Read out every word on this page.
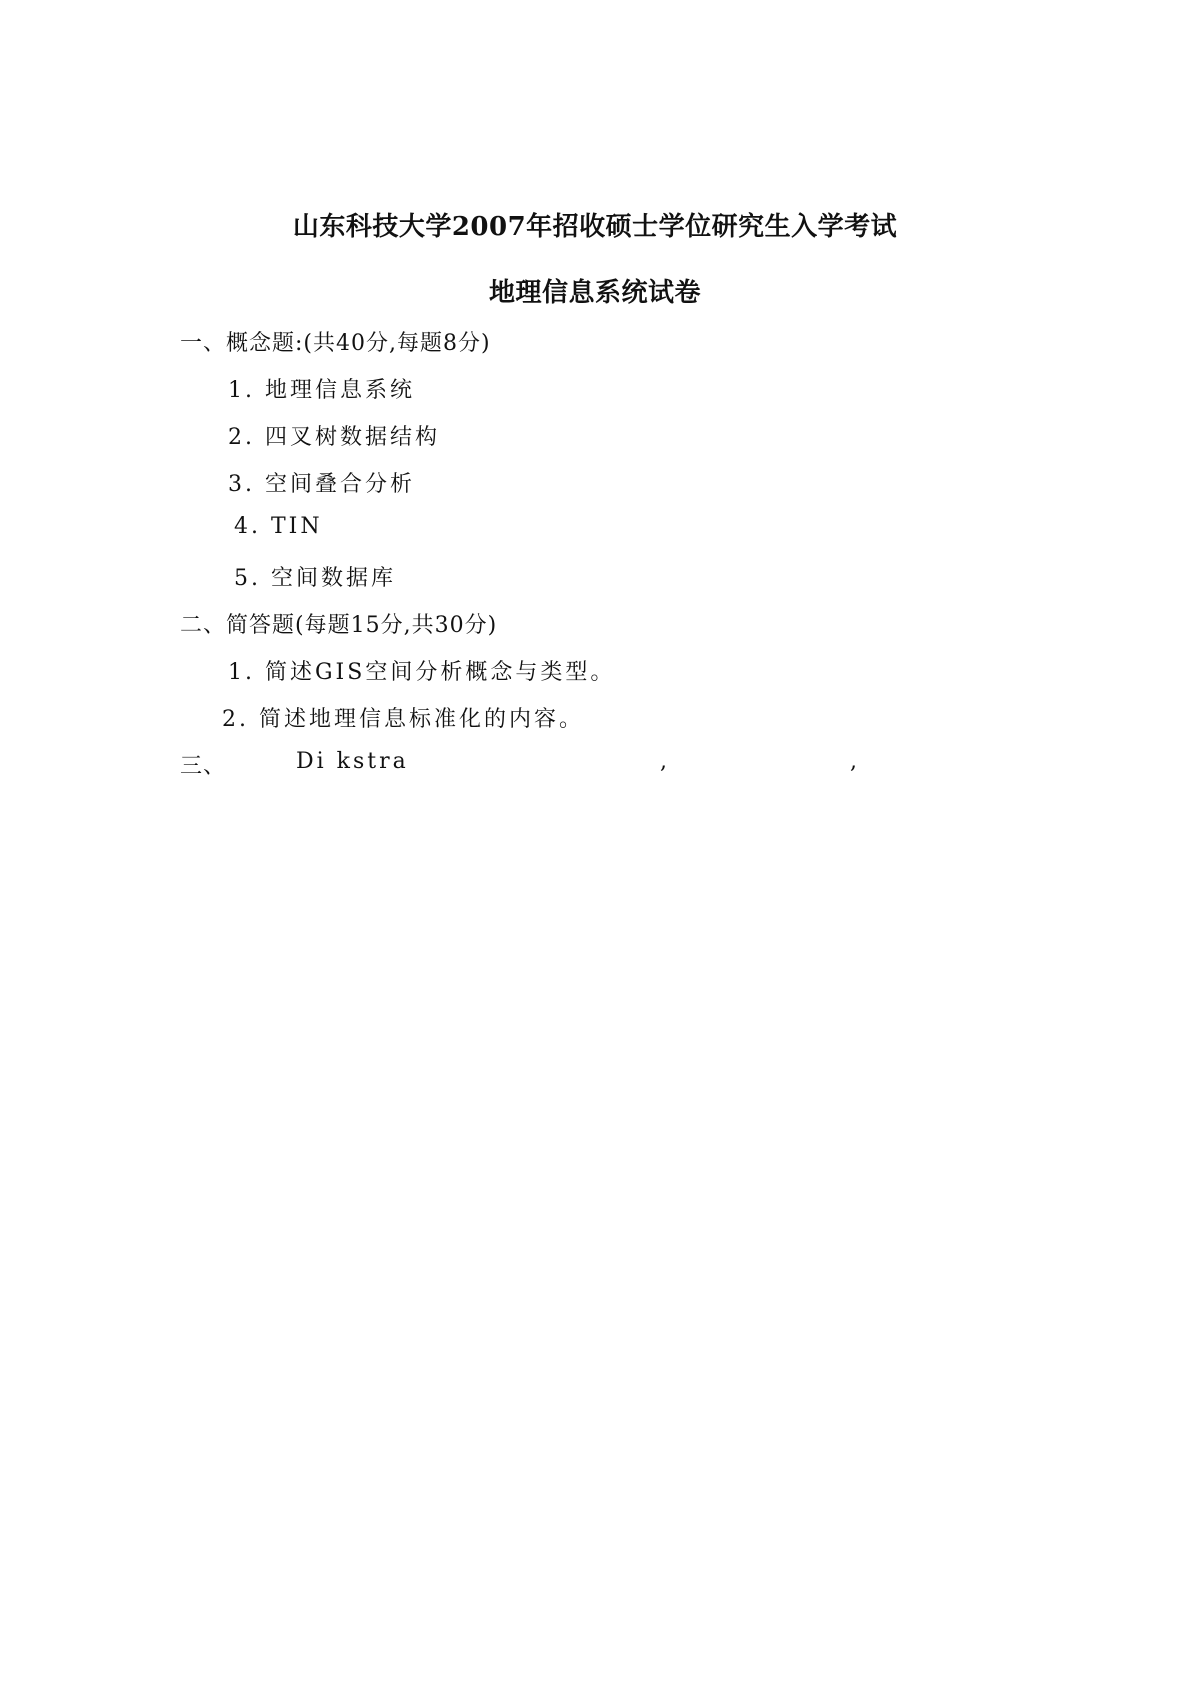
山东科技大学2007年招收硕士学位研究生入学考试
地理信息系统试卷
一、概念题:(共40分,每题8分)
1. 地理信息系统
2. 四叉树数据结构
3. 空间叠合分析
4. TIN
5. 空间数据库
二、简答题(每题15分,共30分)
1. 简述GIS空间分析概念与类型。
2. 简述地理信息标准化的内容。
三、	Di kstra	,	,
